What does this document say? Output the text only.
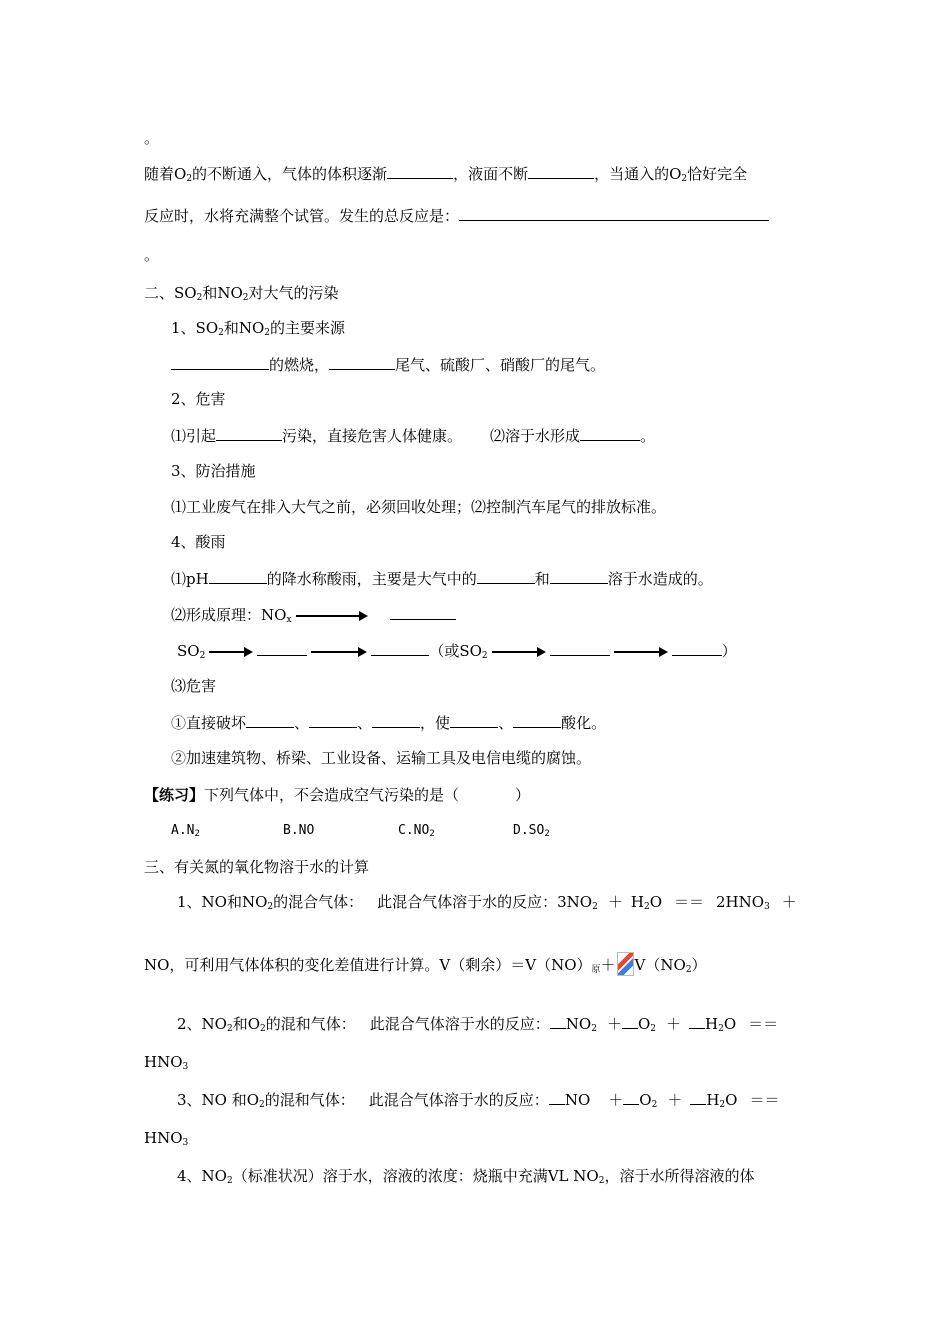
。
随着$O_2$的不断通入，气体的体积逐渐	，液面不断	，当通入的$O_2$恰好完全
反应时，水将充满整个试管。发生的总反应是：
。
二、$SO_2$和$NO_2$对大气的污染
1、$SO_2$和$NO_2$的主要来源
的燃烧，	尾气、硫酸厂、硝酸厂的尾气。
2、危害
⑴引起	污染，直接危害人体健康。 ⑵溶于水形成	。
3、防治措施
⑴工业废气在排入大气之前，必须回收处理；⑵控制汽车尾气的排放标准。
4、酸雨
⑴pH	的降水称酸雨，主要是大气中的	和	溶于水造成的。
⑵形成原理：$NO_x$
$SO_2$	（或$SO_2$	）
⑶危害
①直接破坏	、	、	，使	、	酸化。
②加速建筑物、桥梁、工业设备、运输工具及电信电缆的腐蚀。
【练习】下列气体中，不会造成空气污染的是（	）
$A.N_2$	B.NO	$C.NO_2$	$D.SO_2$
三、有关氮的氧化物溶于水的计算
1、NO和$NO_2$的混合气体： 此混合气体溶于水的反应：$3NO_2 + H_2O == 2HNO_3$ ＋
NO，可利用气体体积的变化差值进行计算。V（剩余）$=V(NO)_原+ V(NO_2)$
2、$NO_2$和$O_2$的混和气体： 此混合气体溶于水的反应： $NO_2 + O_2 + H_2O$ ＝＝
$HNO_3$
3、NO 和$O_2$的混和气体： 此混合气体溶于水的反应： NO ＋ $O_2 + H_2O$ ＝＝
$HNO_3$
4、$NO_2$（标准状况）溶于水，溶液的浓度：烧瓶中充满VL $NO_2$，溶于水所得溶液的体
